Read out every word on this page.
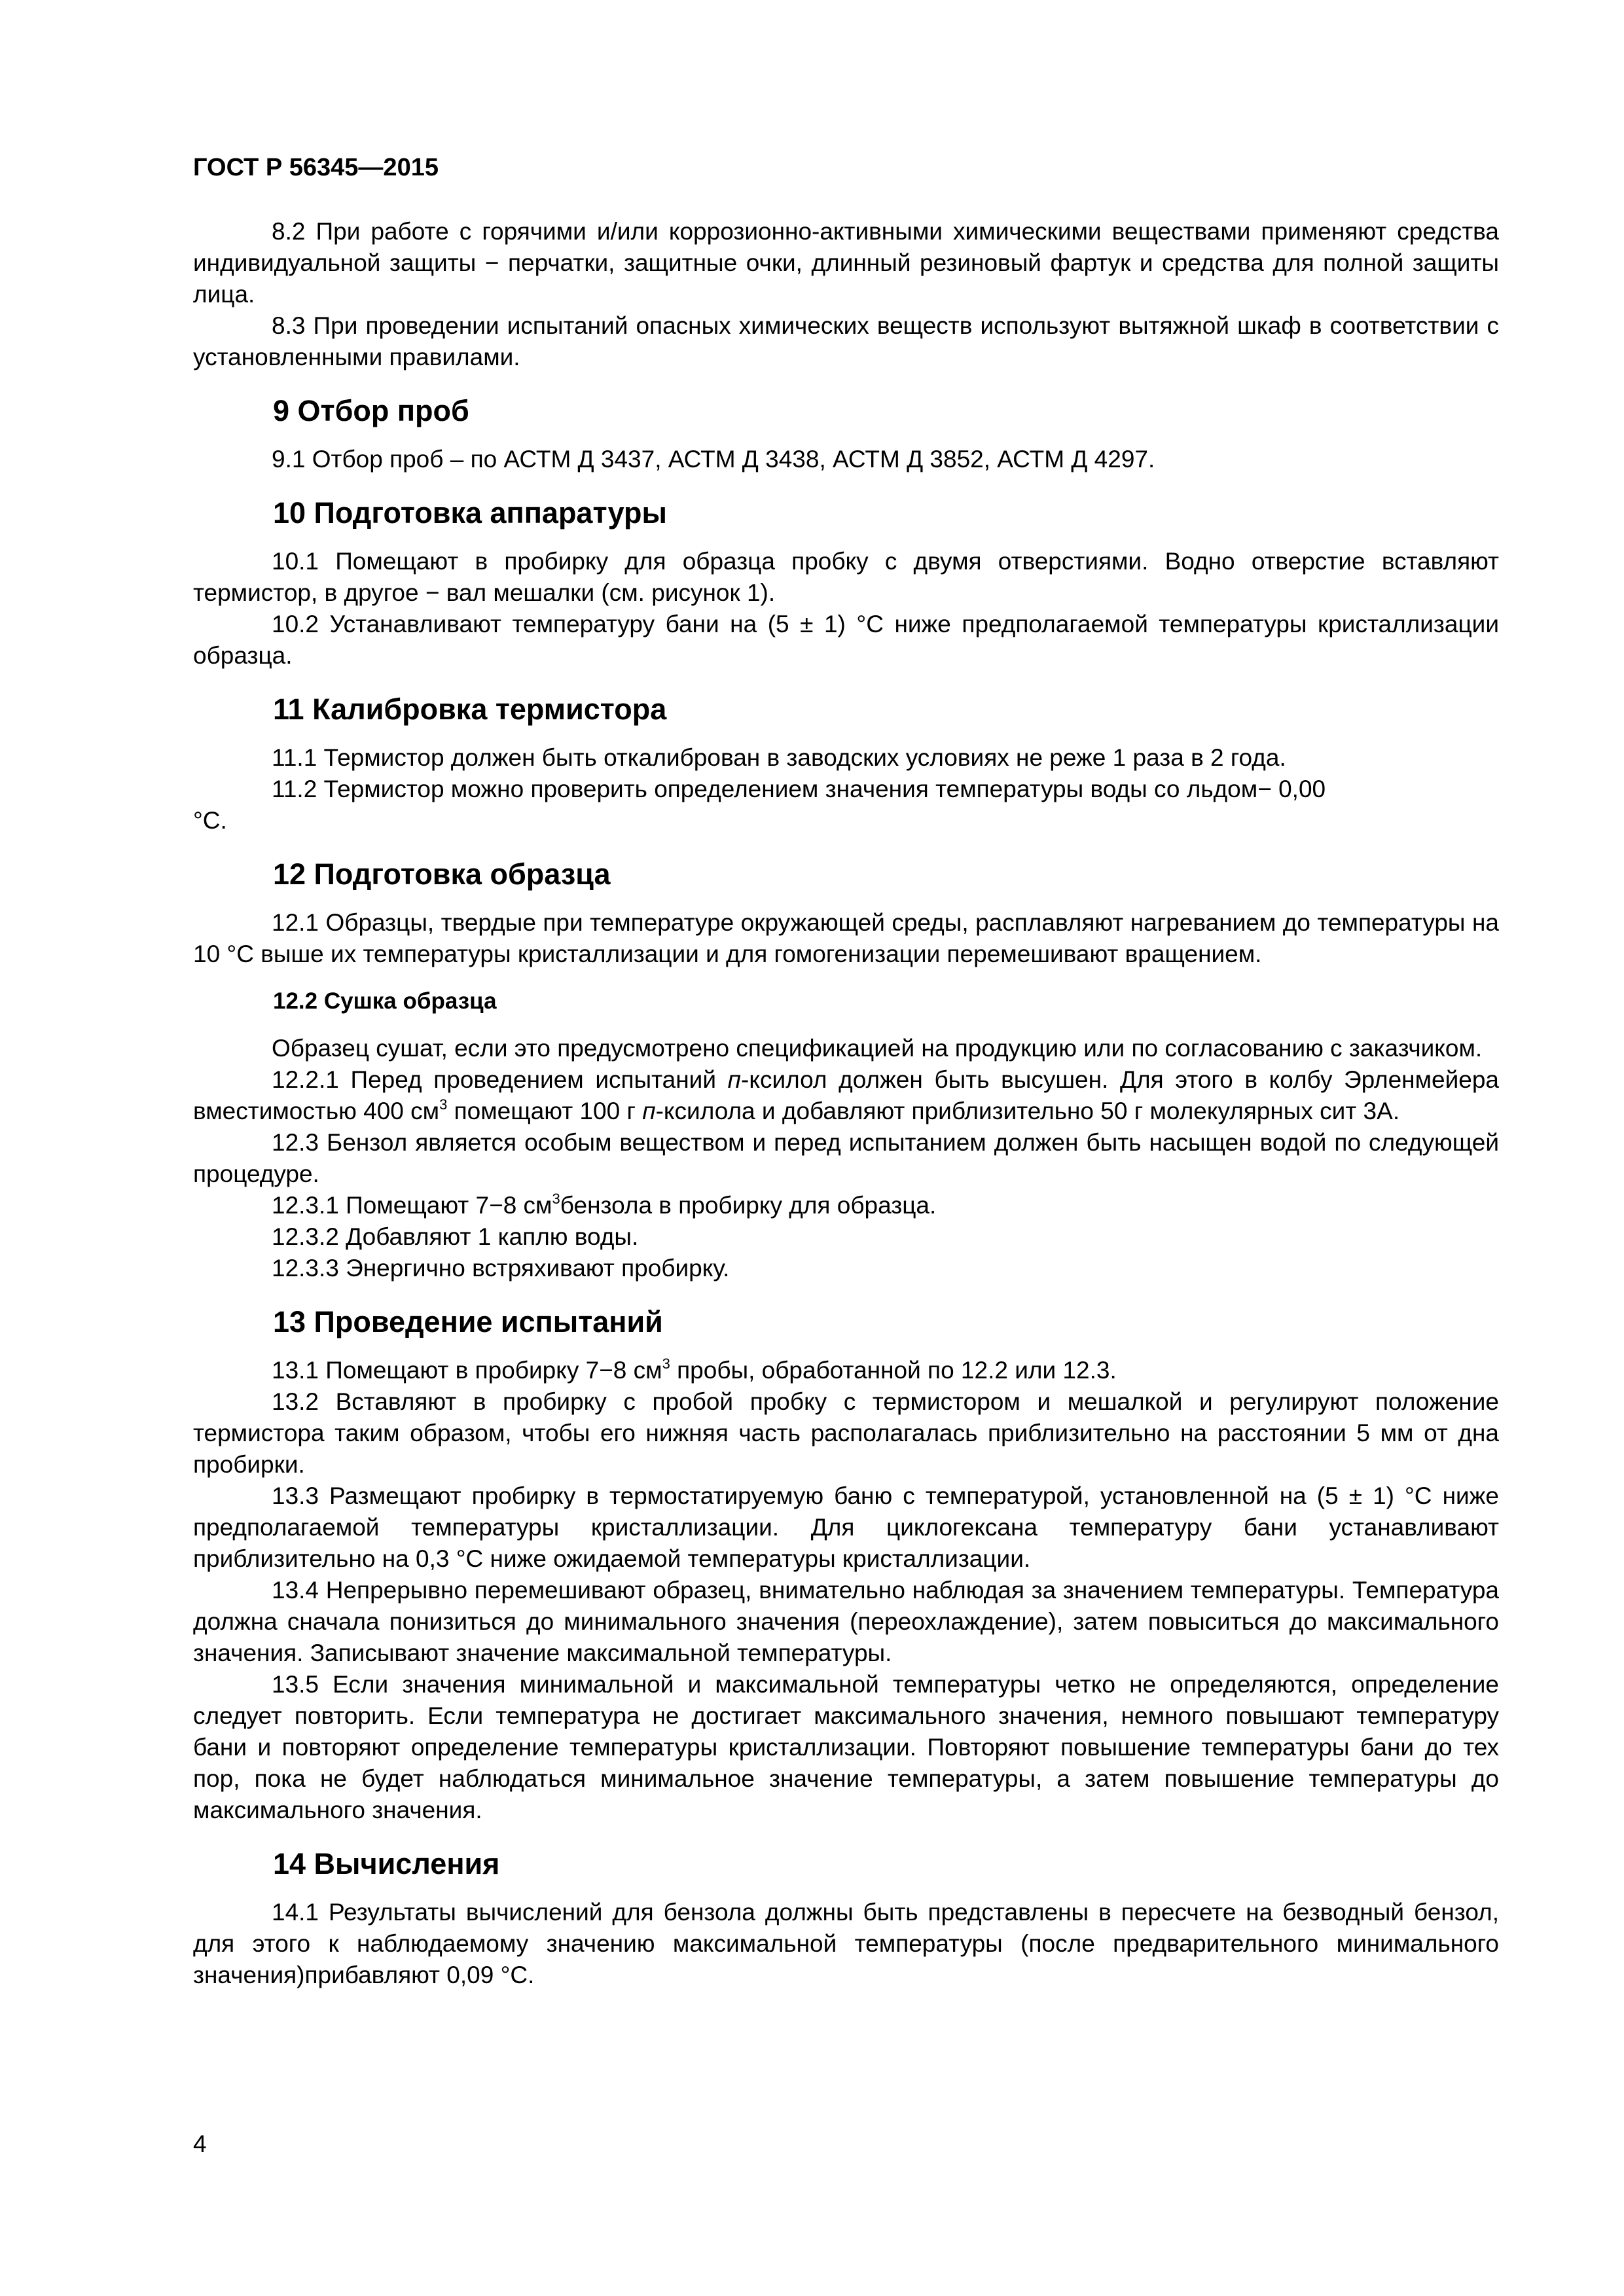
ГОСТ Р 56345—2015

8.2 При работе с горячими и/или коррозионно-активными химическими веществами применяют средства индивидуальной защиты − перчатки, защитные очки, длинный резиновый фартук и средства для полной защиты лица.

8.3 При проведении испытаний опасных химических веществ используют вытяжной шкаф в соответствии с установленными правилами.

9 Отбор проб

9.1 Отбор проб – по АСТМ Д 3437, АСТМ Д 3438, АСТМ Д 3852, АСТМ Д 4297.

10 Подготовка аппаратуры

10.1 Помещают в пробирку для образца пробку с двумя отверстиями. Водно отверстие вставляют термистор, в другое − вал мешалки (см. рисунок 1).

10.2 Устанавливают температуру бани на (5 ± 1) °С ниже предполагаемой температуры кристаллизации образца.

11 Калибровка термистора

11.1 Термистор должен быть откалиброван в заводских условиях не реже 1 раза в 2 года.

11.2 Термистор можно проверить определением значения температуры воды со льдом− 0,00

°С.

12 Подготовка образца

12.1 Образцы, твердые при температуре окружающей среды, расплавляют нагреванием до температуры на 10 °С выше их температуры кристаллизации и для гомогенизации перемешивают вращением.

12.2 Сушка образца

Образец сушат, если это предусмотрено спецификацией на продукцию или по согласованию с заказчиком.

12.2.1 Перед проведением испытаний п-ксилол должен быть высушен. Для этого в колбу Эрленмейера вместимостью 400 $см^3$ помещают 100 г п-ксилола и добавляют приблизительно 50 г молекулярных сит 3А.

12.3 Бензол является особым веществом и перед испытанием должен быть насыщен водой по следующей процедуре.

12.3.1 Помещают 7−8 $см^3бензола$ в пробирку для образца.

12.3.2 Добавляют 1 каплю воды.

12.3.3 Энергично встряхивают пробирку.

13 Проведение испытаний

13.1 Помещают в пробирку 7−8 $см^3$ пробы, обработанной по 12.2 или 12.3.

13.2 Вставляют в пробирку с пробой пробку с термистором и мешалкой и регулируют положение термистора таким образом, чтобы его нижняя часть располагалась приблизительно на расстоянии 5 мм от дна пробирки.

13.3 Размещают пробирку в термостатируемую баню с температурой, установленной на (5 ± 1) °С ниже предполагаемой температуры кристаллизации. Для циклогексана температуру бани устанавливают приблизительно на 0,3 °С ниже ожидаемой температуры кристаллизации.

13.4 Непрерывно перемешивают образец, внимательно наблюдая за значением температуры. Температура должна сначала понизиться до минимального значения (переохлаждение), затем повыситься до максимального значения. Записывают значение максимальной температуры.

13.5 Если значения минимальной и максимальной температуры четко не определяются, определение следует повторить. Если температура не достигает максимального значения, немного повышают температуру бани и повторяют определение температуры кристаллизации. Повторяют повышение температуры бани до тех пор, пока не будет наблюдаться минимальное значение температуры, а затем повышение температуры до максимального значения.

14 Вычисления

14.1 Результаты вычислений для бензола должны быть представлены в пересчете на безводный бензол, для этого к наблюдаемому значению максимальной температуры (после предварительного минимального значения)прибавляют 0,09 °С.

4
